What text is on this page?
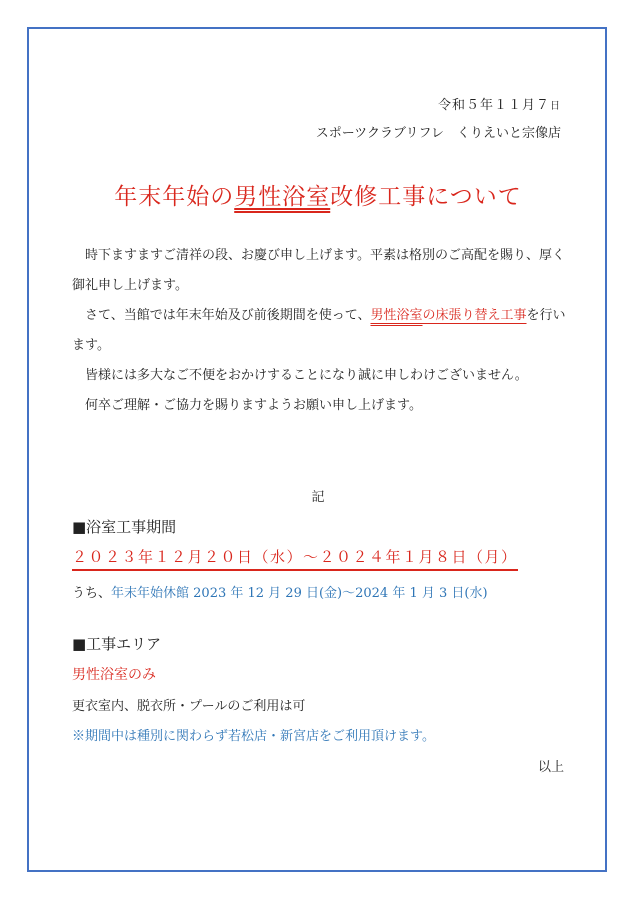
令和５年１１月７日
スポーツクラブリフレ　くりえいと宗像店
年末年始の男性浴室改修工事について

時下ますますご清祥の段、お慶び申し上げます。平素は格別のご高配を賜り、厚く御礼申し上げます。

さて、当館では年末年始及び前後期間を使って、男性浴室の床張り替え工事を行います。

皆様には多大なご不便をおかけすることになり誠に申しわけございません。

何卒ご理解・ご協力を賜りますようお願い申し上げます。

記
■浴室工事期間
２０２３年１２月２０日（水）～２０２４年１月８日（月）
うち、年末年始休館 2023 年 12 月 29 日(金)～2024 年 1 月 3 日(水)
■工事エリア
男性浴室のみ
更衣室内、脱衣所・プールのご利用は可
※期間中は種別に関わらず若松店・新宮店をご利用頂けます。
以上
